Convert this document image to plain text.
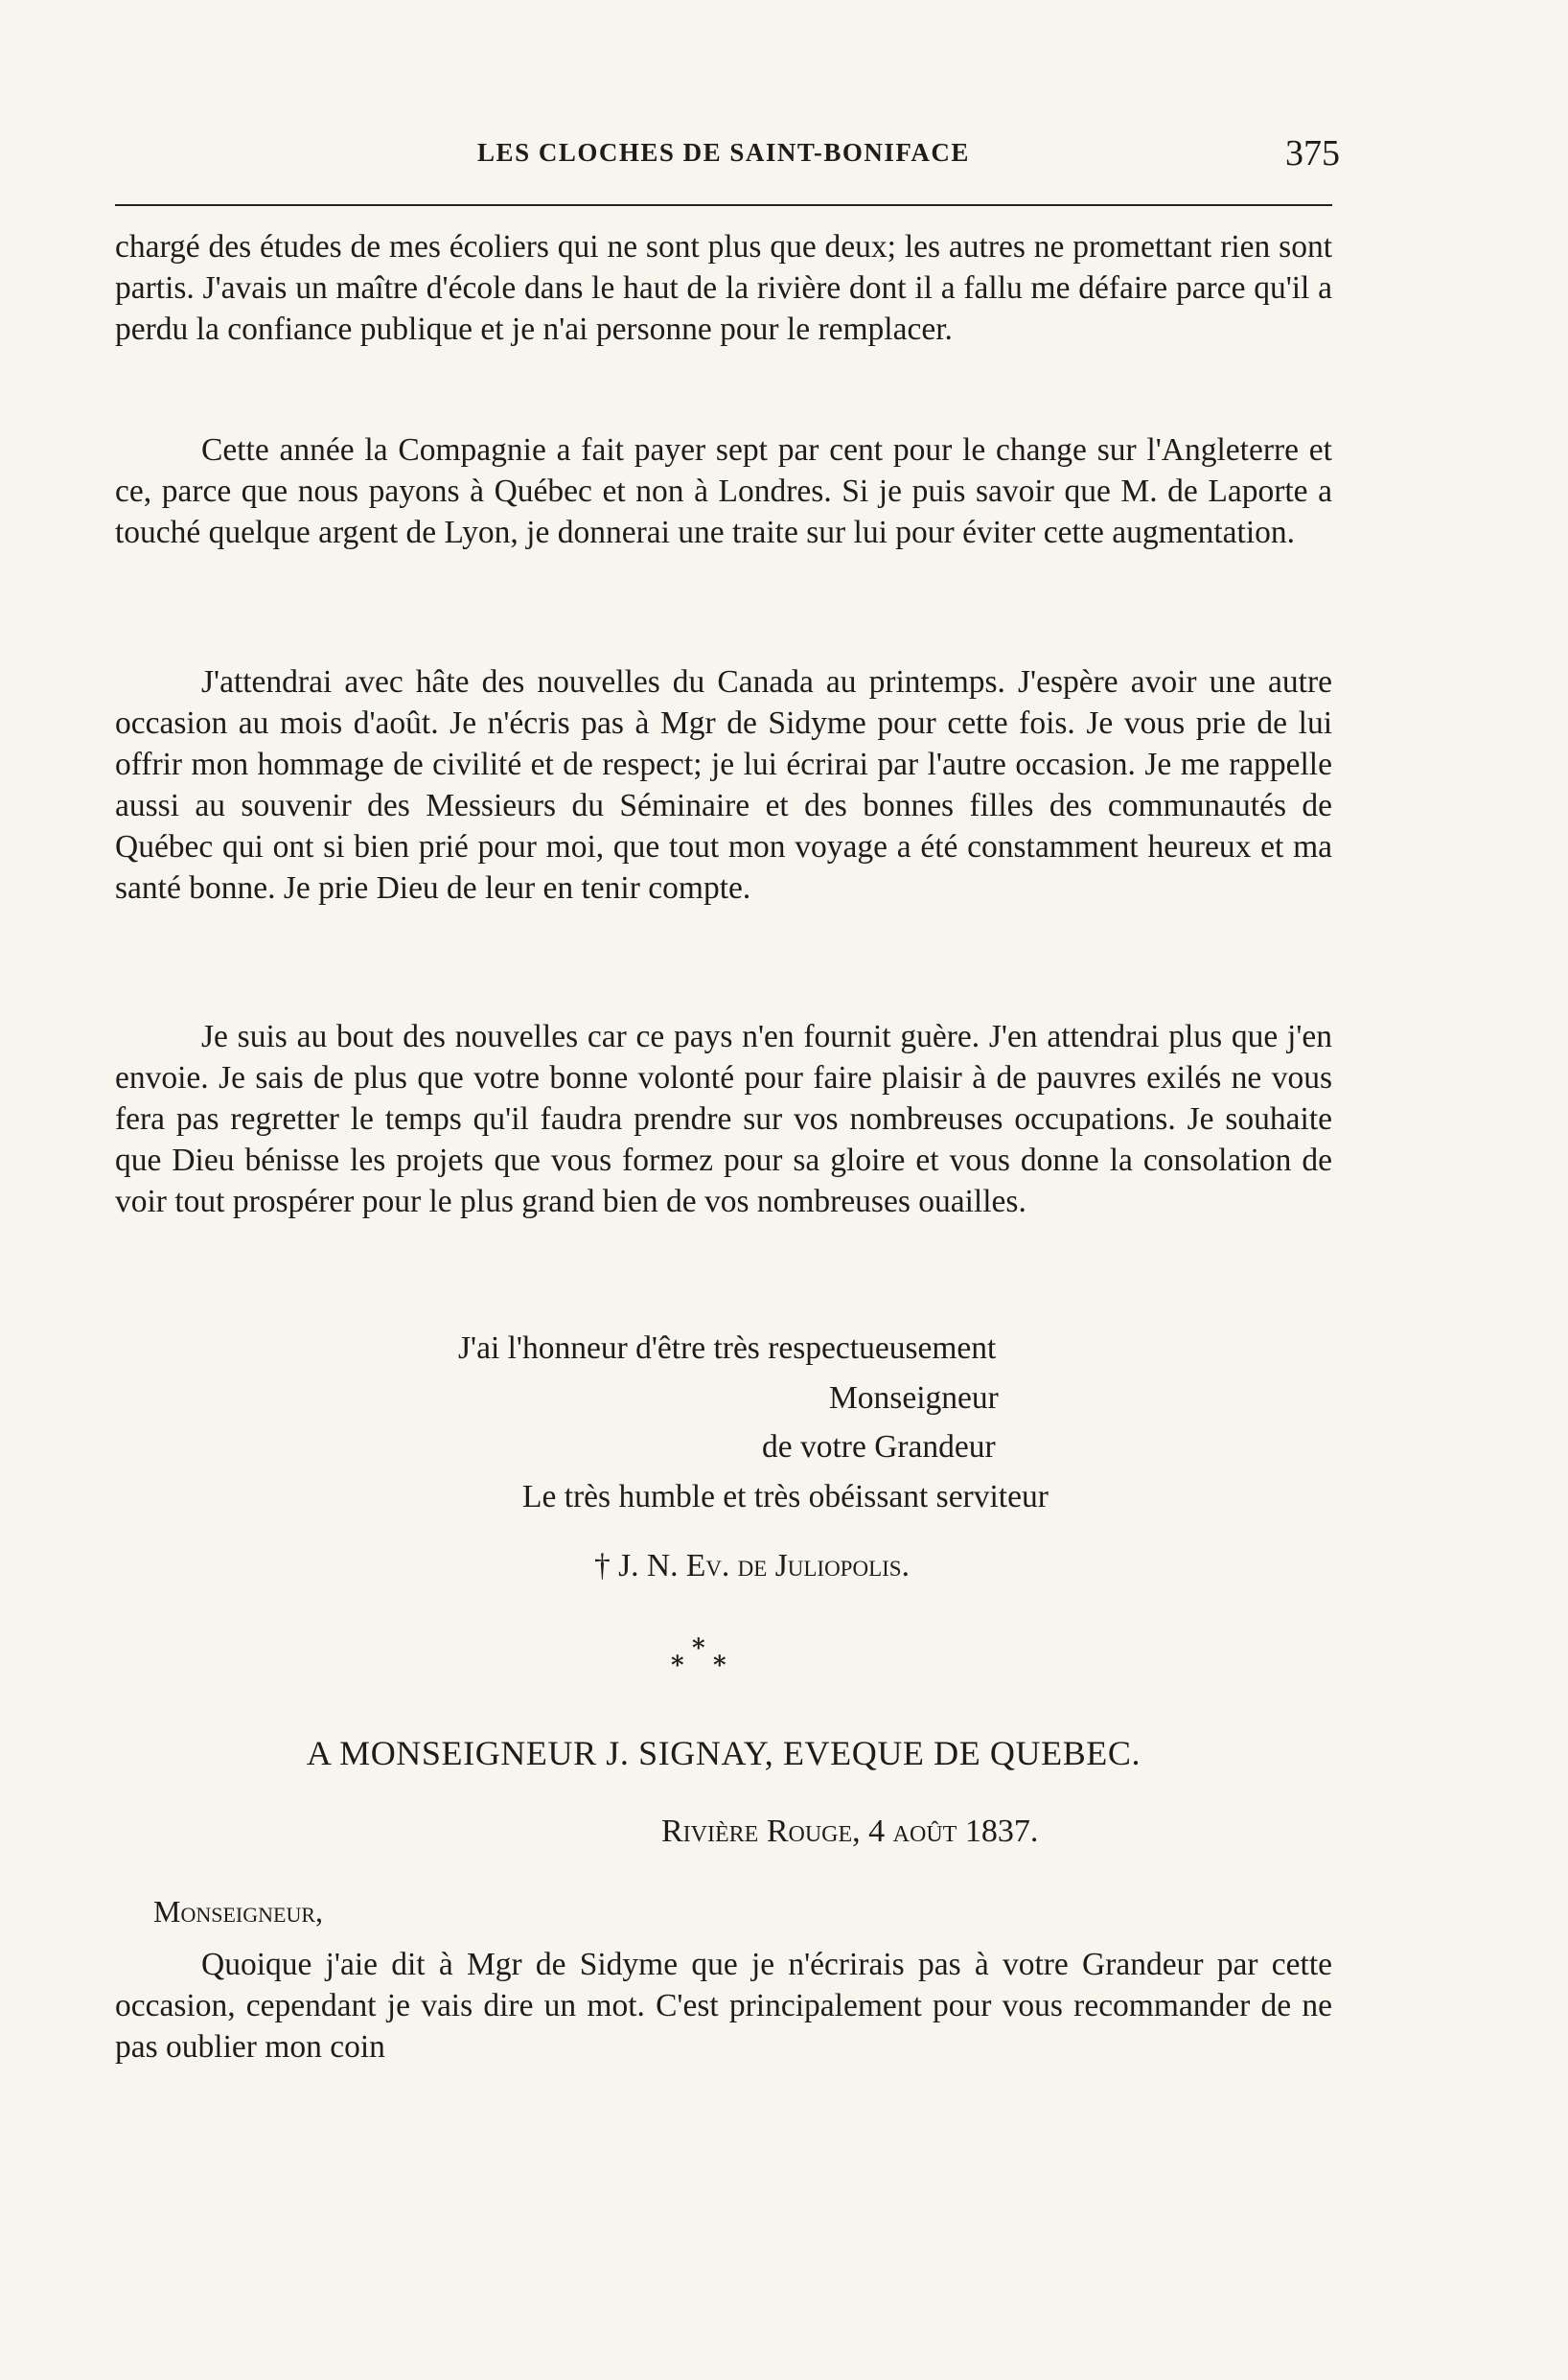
LES CLOCHES DE SAINT-BONIFACE	375

chargé des études de mes écoliers qui ne sont plus que deux; les autres ne promettant rien sont partis. J'avais un maître d'école dans le haut de la rivière dont il a fallu me défaire parce qu'il a perdu la confiance publique et je n'ai personne pour le remplacer.

Cette année la Compagnie a fait payer sept par cent pour le change sur l'Angleterre et ce, parce que nous payons à Québec et non à Londres. Si je puis savoir que M. de Laporte a touché quelque argent de Lyon, je donnerai une traite sur lui pour éviter cette augmentation.

J'attendrai avec hâte des nouvelles du Canada au printemps. J'espère avoir une autre occasion au mois d'août. Je n'écris pas à Mgr de Sidyme pour cette fois. Je vous prie de lui offrir mon hommage de civilité et de respect; je lui écrirai par l'autre occasion. Je me rappelle aussi au souvenir des Messieurs du Séminaire et des bonnes filles des communautés de Québec qui ont si bien prié pour moi, que tout mon voyage a été constamment heureux et ma santé bonne. Je prie Dieu de leur en tenir compte.

Je suis au bout des nouvelles car ce pays n'en fournit guère. J'en attendrai plus que j'en envoie. Je sais de plus que votre bonne volonté pour faire plaisir à de pauvres exilés ne vous fera pas regretter le temps qu'il faudra prendre sur vos nombreuses occupations. Je souhaite que Dieu bénisse les projets que vous formez pour sa gloire et vous donne la consolation de voir tout prospérer pour le plus grand bien de vos nombreuses ouailles.

J'ai l'honneur d'être très respectueusement
Monseigneur
de votre Grandeur
Le très humble et très obéissant serviteur
† J. N. Ev. de Juliopolis.
*
* *
A MONSEIGNEUR J. SIGNAY, EVEQUE DE QUEBEC.
Rivière Rouge, 4 août 1837.
Monseigneur,

Quoique j'aie dit à Mgr de Sidyme que je n'écrirais pas à votre Grandeur par cette occasion, cependant je vais dire un mot. C'est principalement pour vous recommander de ne pas oublier mon coin
